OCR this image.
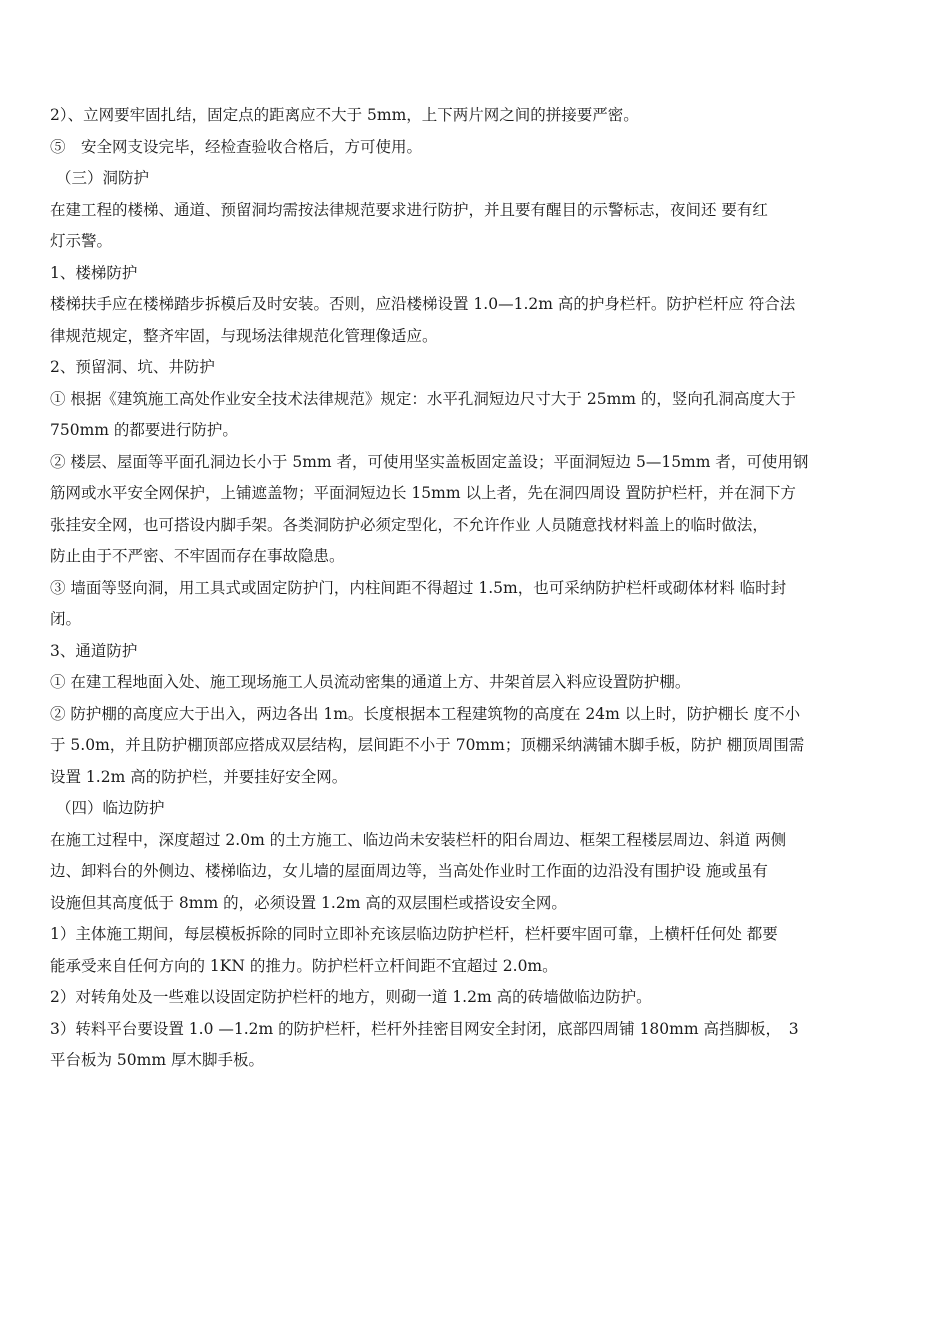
2）、立网要牢固扎结，固定点的距离应不大于 5mm，上下两片网之间的拼接要严密。

⑤　安全网支设完毕，经检查验收合格后，方可使用。

（三）洞防护

在建工程的楼梯、通道、预留洞均需按法律规范要求进行防护，并且要有醒目的示警标志，夜间还 要有红

灯示警。

1、楼梯防护

楼梯扶手应在楼梯踏步拆模后及时安装。否则，应沿楼梯设置 1.0—1.2m 高的护身栏杆。防护栏杆应 符合法

律规范规定，整齐牢固，与现场法律规范化管理像适应。

2、预留洞、坑、井防护

① 根据《建筑施工高处作业安全技术法律规范》规定：水平孔洞短边尺寸大于 25mm 的，竖向孔洞高度大于

750mm 的都要进行防护。

② 楼层、屋面等平面孔洞边长小于 5mm 者，可使用坚实盖板固定盖设；平面洞短边 5—15mm 者，可使用钢

筋网或水平安全网保护，上铺遮盖物；平面洞短边长 15mm 以上者，先在洞四周设 置防护栏杆，并在洞下方

张挂安全网，也可搭设内脚手架。各类洞防护必须定型化，不允许作业 人员随意找材料盖上的临时做法，

防止由于不严密、不牢固而存在事故隐患。

③ 墙面等竖向洞，用工具式或固定防护门，内柱间距不得超过 1.5m，也可采纳防护栏杆或砌体材料 临时封

闭。

3、通道防护

① 在建工程地面入处、施工现场施工人员流动密集的通道上方、井架首层入料应设置防护棚。

② 防护棚的高度应大于出入，两边各出 1m。长度根据本工程建筑物的高度在 24m 以上时，防护棚长 度不小

于 5.0m，并且防护棚顶部应搭成双层结构，层间距不小于 70mm；顶棚采纳满铺木脚手板，防护 棚顶周围需

设置 1.2m 高的防护栏，并要挂好安全网。

（四）临边防护

在施工过程中，深度超过 2.0m 的土方施工、临边尚未安装栏杆的阳台周边、框架工程楼层周边、斜道 两侧

边、卸料台的外侧边、楼梯临边，女儿墙的屋面周边等，当高处作业时工作面的边沿没有围护设 施或虽有

设施但其高度低于 8mm 的，必须设置 1.2m 高的双层围栏或搭设安全网。

1）主体施工期间，每层模板拆除的同时立即补充该层临边防护栏杆，栏杆要牢固可靠，上横杆任何处 都要

能承受来自任何方向的 1KN 的推力。防护栏杆立杆间距不宜超过 2.0m。

2）对转角处及一些难以设固定防护栏杆的地方，则砌一道 1.2m 高的砖墙做临边防护。

3）转料平台要设置 1.0 —1.2m 的防护栏杆，栏杆外挂密目网安全封闭，底部四周铺 180mm 高挡脚板，　3

平台板为 50mm 厚木脚手板。
